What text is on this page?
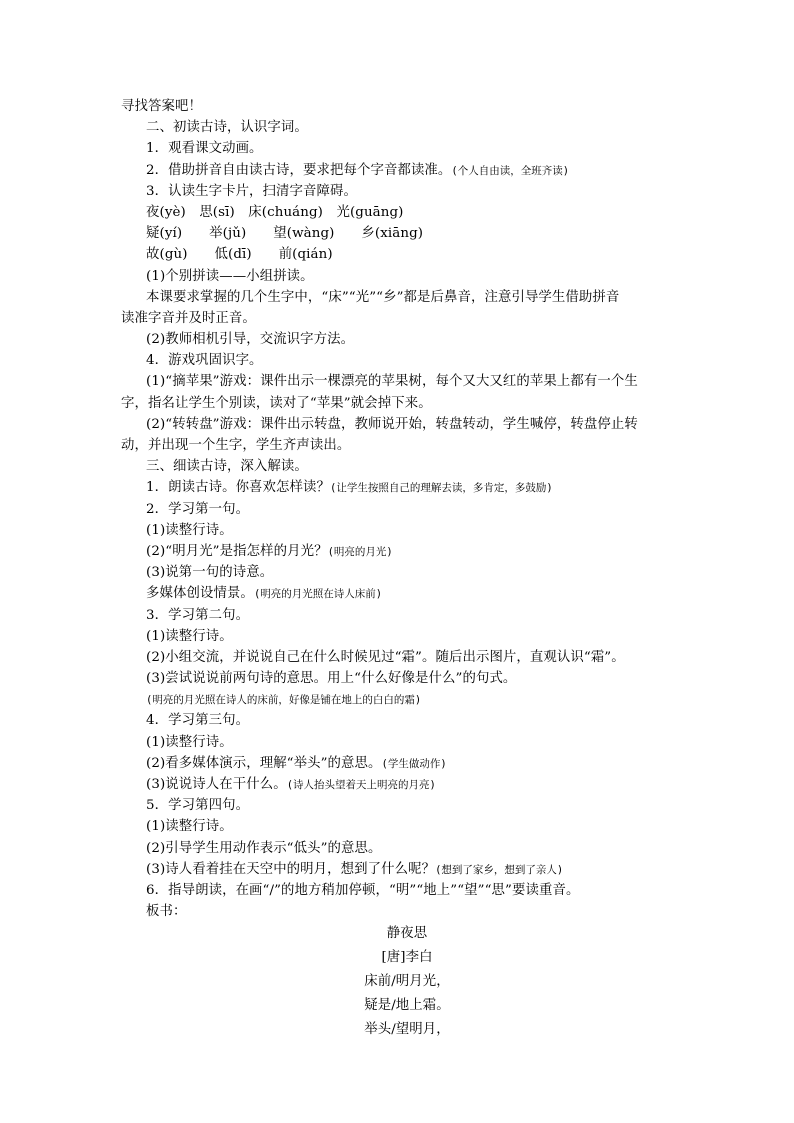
寻找答案吧！
二、初读古诗，认识字词。
1．观看课文动画。
2．借助拼音自由读古诗，要求把每个字音都读准。(个人自由读，全班齐读)
3．认读生字卡片，扫清字音障碍。
夜(yè)　思(sī)　床(chuáng)　光(guāng)
疑(yí)　　举(jǔ)　　望(wàng)　　乡(xiāng)
故(gù)　　低(dī)　　前(qián)
(1)个别拼读——小组拼读。
本课要求掌握的几个生字中，“床”“光”“乡”都是后鼻音，注意引导学生借助拼音
读准字音并及时正音。
(2)教师相机引导，交流识字方法。
4．游戏巩固识字。
(1)“摘苹果”游戏：课件出示一棵漂亮的苹果树，每个又大又红的苹果上都有一个生
字，指名让学生个别读，读对了“苹果”就会掉下来。
(2)“转转盘”游戏：课件出示转盘，教师说开始，转盘转动，学生喊停，转盘停止转
动，并出现一个生字，学生齐声读出。
三、细读古诗，深入解读。
1．朗读古诗。你喜欢怎样读？(让学生按照自己的理解去读，多肯定，多鼓励)
2．学习第一句。
(1)读整行诗。
(2)“明月光”是指怎样的月光？(明亮的月光)
(3)说第一句的诗意。
多媒体创设情景。(明亮的月光照在诗人床前)
3．学习第二句。
(1)读整行诗。
(2)小组交流，并说说自己在什么时候见过“霜”。随后出示图片，直观认识“霜”。
(3)尝试说说前两句诗的意思。用上“什么好像是什么”的句式。
(明亮的月光照在诗人的床前，好像是铺在地上的白白的霜)
4．学习第三句。
(1)读整行诗。
(2)看多媒体演示，理解“举头”的意思。(学生做动作)
(3)说说诗人在干什么。(诗人抬头望着天上明亮的月亮)
5．学习第四句。
(1)读整行诗。
(2)引导学生用动作表示“低头”的意思。
(3)诗人看着挂在天空中的明月，想到了什么呢？(想到了家乡，想到了亲人)
6．指导朗读，在画“/”的地方稍加停顿，“明”“地上”“望”“思”要读重音。
板书：
静夜思
[唐]李白
床前/明月光，
疑是/地上霜。
举头/望明月，
